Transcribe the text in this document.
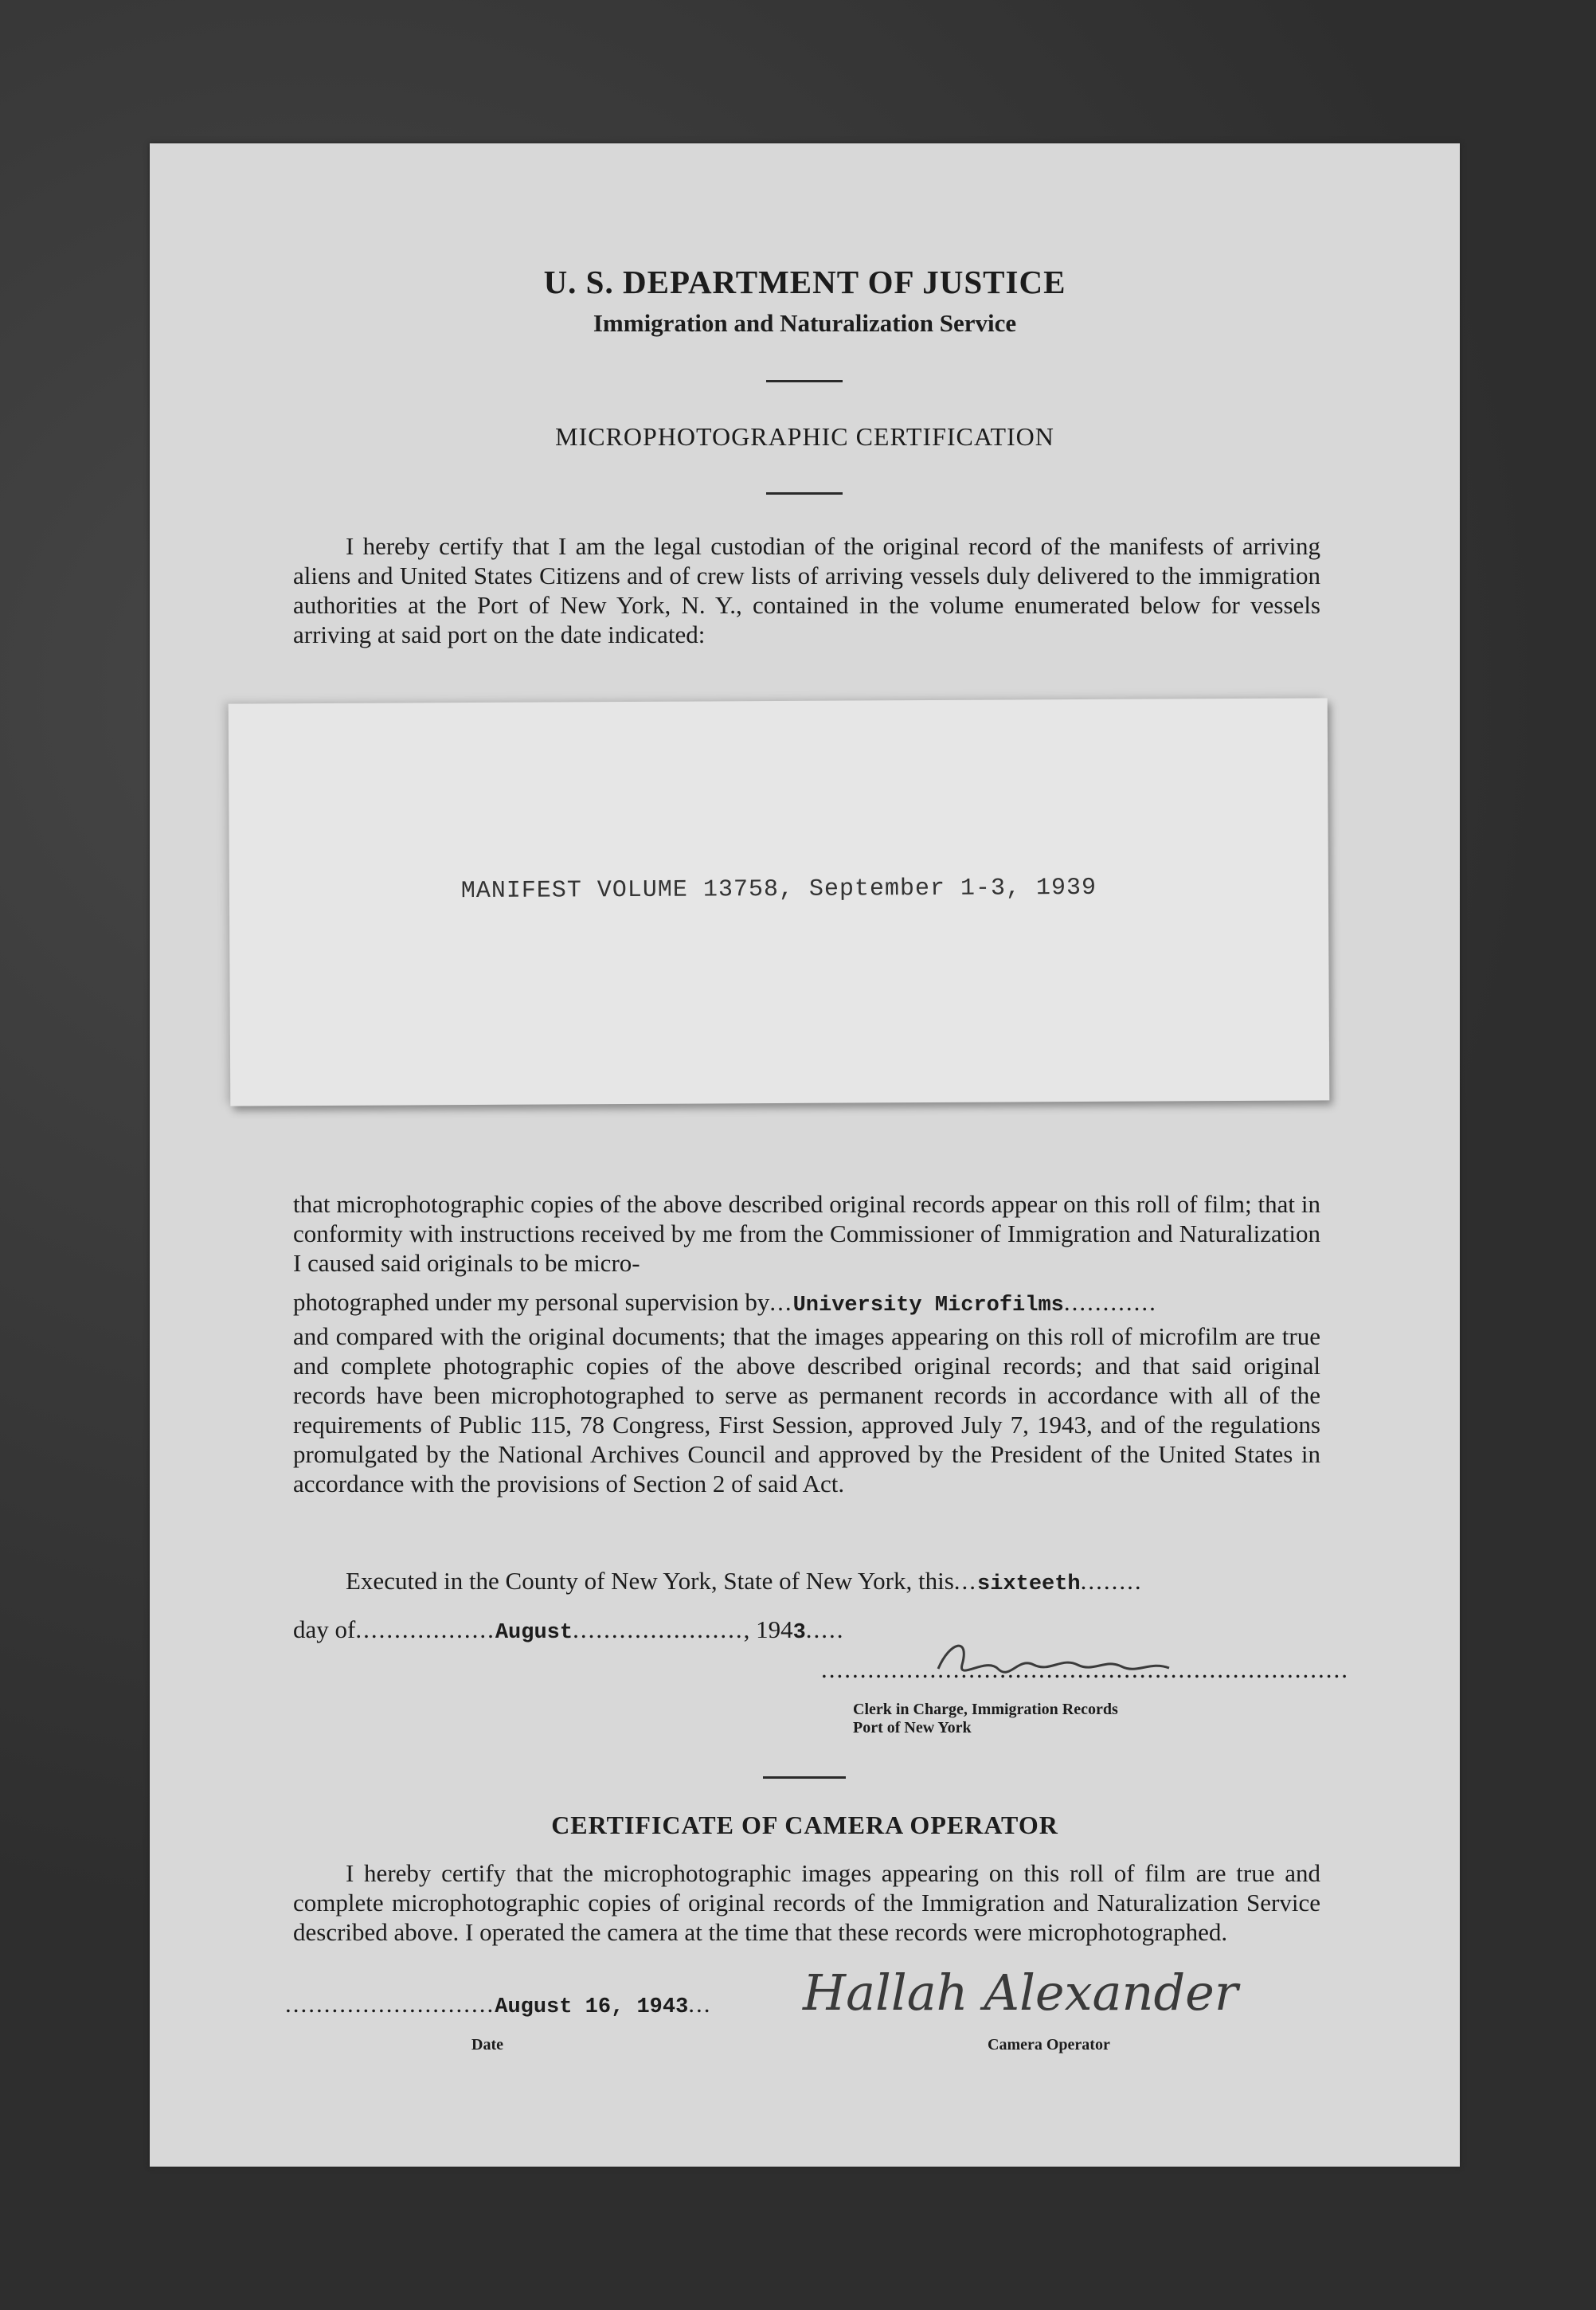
U. S. DEPARTMENT OF JUSTICE
Immigration and Naturalization Service
MICROPHOTOGRAPHIC CERTIFICATION
I hereby certify that I am the legal custodian of the original record of the manifests of arriving aliens and United States Citizens and of crew lists of arriving vessels duly delivered to the immigration authorities at the Port of New York, N. Y., contained in the volume enumerated below for vessels arriving at said port on the date indicated:
MANIFEST VOLUME 13758, September 1-3, 1939
that microphotographic copies of the above described original records appear on this roll of film; that in conformity with instructions received by me from the Commissioner of Immigration and Naturalization I caused said originals to be micro-
photographed under my personal supervision by...University Microfilms............
and compared with the original documents; that the images appearing on this roll of microfilm are true and complete photographic copies of the above described original records; and that said original records have been microphotographed to serve as permanent records in accordance with all of the requirements of Public 115, 78 Congress, First Session, approved July 7, 1943, and of the regulations promulgated by the National Archives Council and approved by the President of the United States in accordance with the provisions of Section 2 of said Act.
Executed in the County of New York, State of New York, this...sixteeth........
day of..................August......................, 1943.....
....................................................................
Clerk in Charge, Immigration Records
Port of New York
CERTIFICATE OF CAMERA OPERATOR
I hereby certify that the microphotographic images appearing on this roll of film are true and complete microphotographic copies of original records of the Immigration and Naturalization Service described above. I operated the camera at the time that these records were microphotographed.
...........................August 16, 1943...
Date
Hallah Alexander
Camera Operator
